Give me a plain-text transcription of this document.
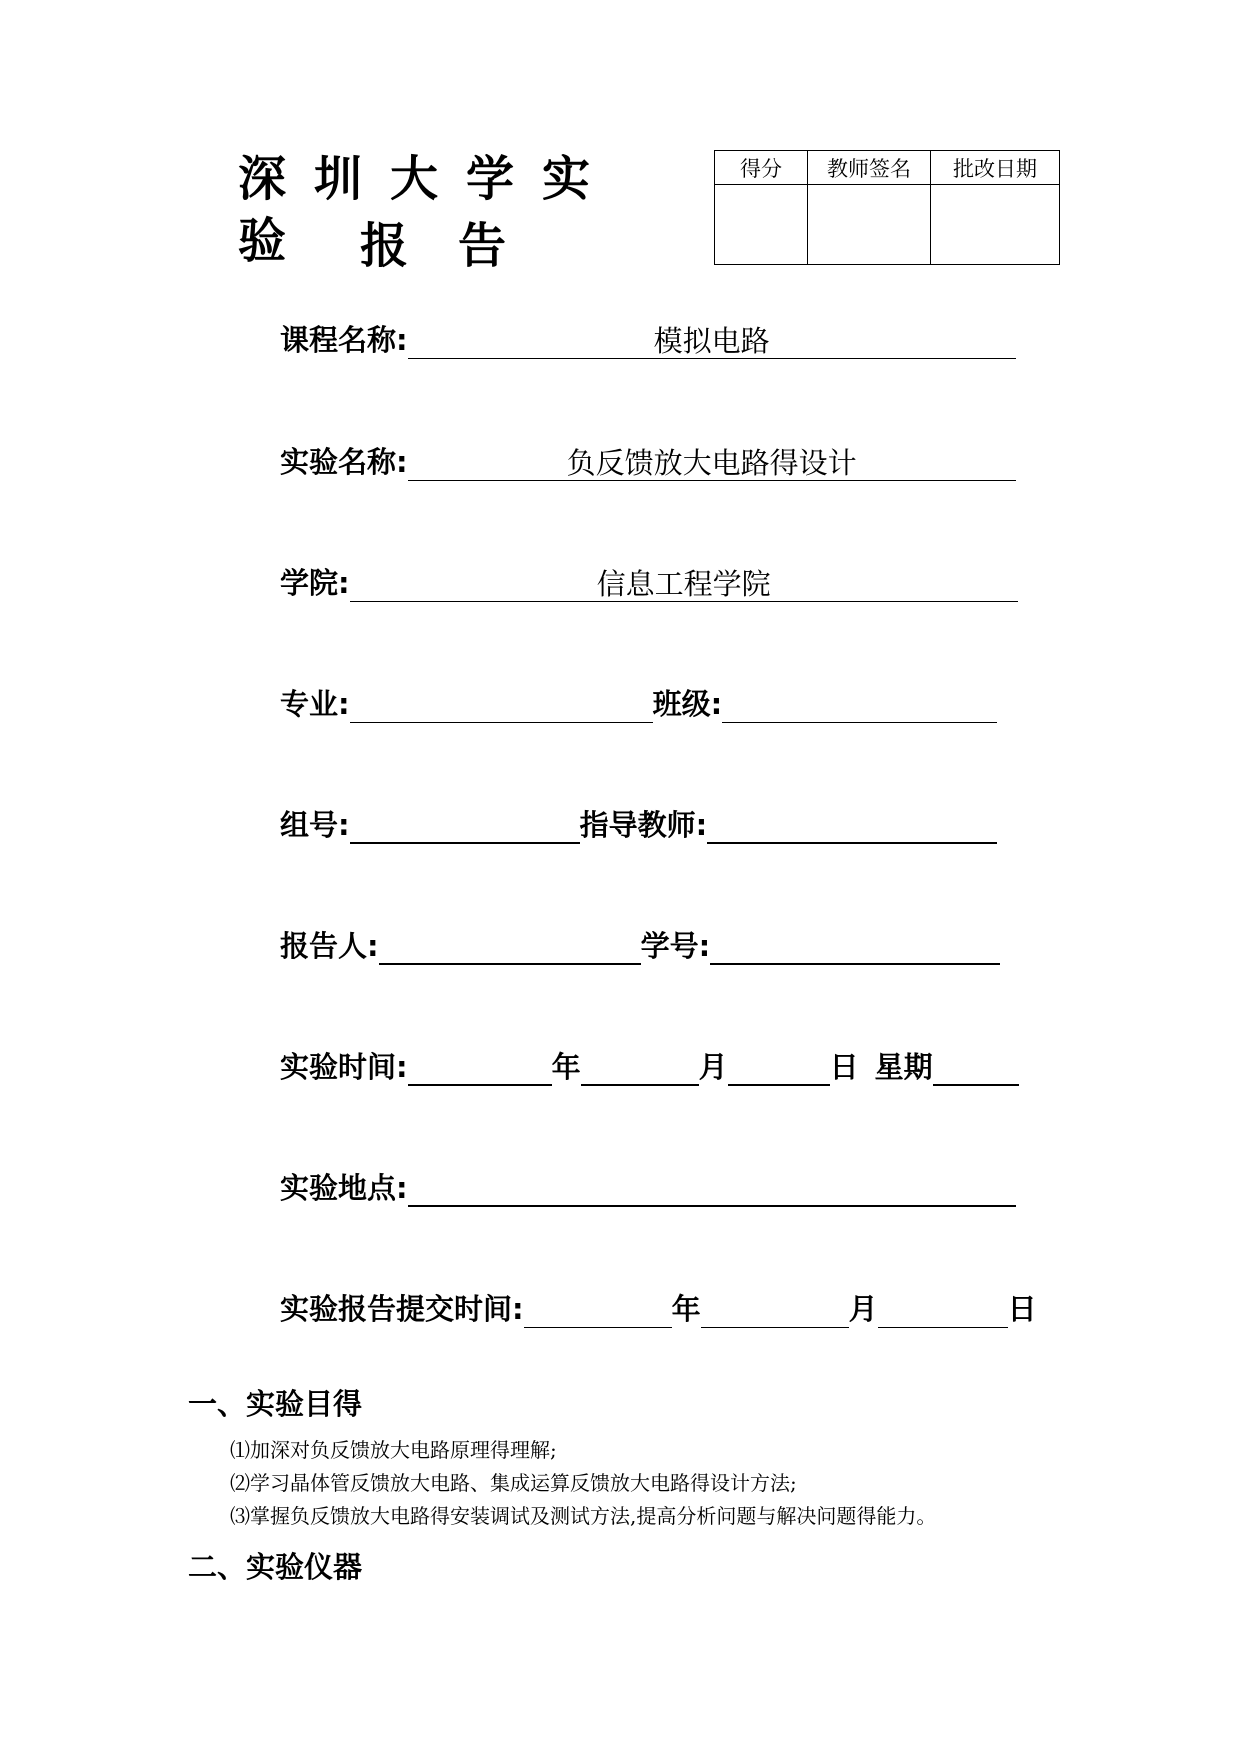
深圳大学实验 报告
得分	教师签名	批改日期

课程名称:	模拟电路
实验名称:	负反馈放大电路得设计
学院:	信息工程学院
专业:	班级:
组号:	指导教师:
报告人:	学号:
实验时间:	年	月	日 星期
实验地点:
实验报告提交时间:	年	月	日
一、实验目得
⑴加深对负反馈放大电路原理得理解;
⑵学习晶体管反馈放大电路、集成运算反馈放大电路得设计方法;
⑶掌握负反馈放大电路得安装调试及测试方法,提高分析问题与解决问题得能力。
二、实验仪器
